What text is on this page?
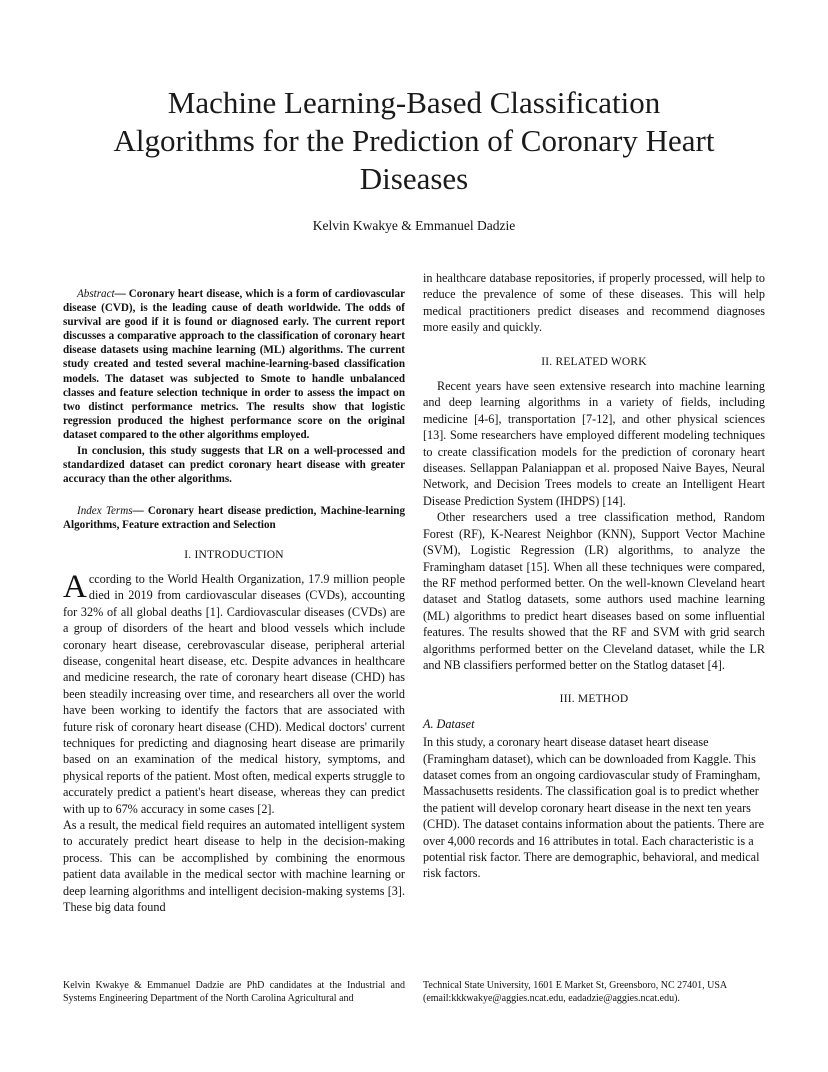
Machine Learning-Based Classification Algorithms for the Prediction of Coronary Heart Diseases
Kelvin Kwakye & Emmanuel Dadzie

Abstract— Coronary heart disease, which is a form of cardiovascular disease (CVD), is the leading cause of death worldwide. The odds of survival are good if it is found or diagnosed early. The current report discusses a comparative approach to the classification of coronary heart disease datasets using machine learning (ML) algorithms. The current study created and tested several machine-learning-based classification models. The dataset was subjected to Smote to handle unbalanced classes and feature selection technique in order to assess the impact on two distinct performance metrics. The results show that logistic regression produced the highest performance score on the original dataset compared to the other algorithms employed.

In conclusion, this study suggests that LR on a well-processed and standardized dataset can predict coronary heart disease with greater accuracy than the other algorithms.

Index Terms— Coronary heart disease prediction, Machine-learning Algorithms, Feature extraction and Selection

I. INTRODUCTION

According to the World Health Organization, 17.9 million people died in 2019 from cardiovascular diseases (CVDs), accounting for 32% of all global deaths [1]. Cardiovascular diseases (CVDs) are a group of disorders of the heart and blood vessels which include coronary heart disease, cerebrovascular disease, peripheral arterial disease, congenital heart disease, etc. Despite advances in healthcare and medicine research, the rate of coronary heart disease (CHD) has been steadily increasing over time, and researchers all over the world have been working to identify the factors that are associated with future risk of coronary heart disease (CHD). Medical doctors' current techniques for predicting and diagnosing heart disease are primarily based on an examination of the medical history, symptoms, and physical reports of the patient. Most often, medical experts struggle to accurately predict a patient's heart disease, whereas they can predict with up to 67% accuracy in some cases [2].

As a result, the medical field requires an automated intelligent system to accurately predict heart disease to help in the decision-making process. This can be accomplished by combining the enormous patient data available in the medical sector with machine learning or deep learning algorithms and intelligent decision-making systems [3]. These big data found

in healthcare database repositories, if properly processed, will help to reduce the prevalence of some of these diseases. This will help medical practitioners predict diseases and recommend diagnoses more easily and quickly.

II. RELATED WORK

Recent years have seen extensive research into machine learning and deep learning algorithms in a variety of fields, including medicine [4-6], transportation [7-12], and other physical sciences [13]. Some researchers have employed different modeling techniques to create classification models for the prediction of coronary heart diseases. Sellappan Palaniappan et al. proposed Naive Bayes, Neural Network, and Decision Trees models to create an Intelligent Heart Disease Prediction System (IHDPS) [14].

Other researchers used a tree classification method, Random Forest (RF), K-Nearest Neighbor (KNN), Support Vector Machine (SVM), Logistic Regression (LR) algorithms, to analyze the Framingham dataset [15]. When all these techniques were compared, the RF method performed better. On the well-known Cleveland heart dataset and Statlog datasets, some authors used machine learning (ML) algorithms to predict heart diseases based on some influential features. The results showed that the RF and SVM with grid search algorithms performed better on the Cleveland dataset, while the LR and NB classifiers performed better on the Statlog dataset [4].

III. METHOD

A. Dataset

In this study, a coronary heart disease dataset heart disease (Framingham dataset), which can be downloaded from Kaggle. This dataset comes from an ongoing cardiovascular study of Framingham, Massachusetts residents. The classification goal is to predict whether the patient will develop coronary heart disease in the next ten years (CHD). The dataset contains information about the patients. There are over 4,000 records and 16 attributes in total. Each characteristic is a potential risk factor. There are demographic, behavioral, and medical risk factors.

Kelvin Kwakye & Emmanuel Dadzie are PhD candidates at the Industrial and Systems Engineering Department of the North Carolina Agricultural and
Technical State University, 1601 E Market St, Greensboro, NC 27401, USA (email:kkkwakye@aggies.ncat.edu, eadadzie@aggies.ncat.edu).
